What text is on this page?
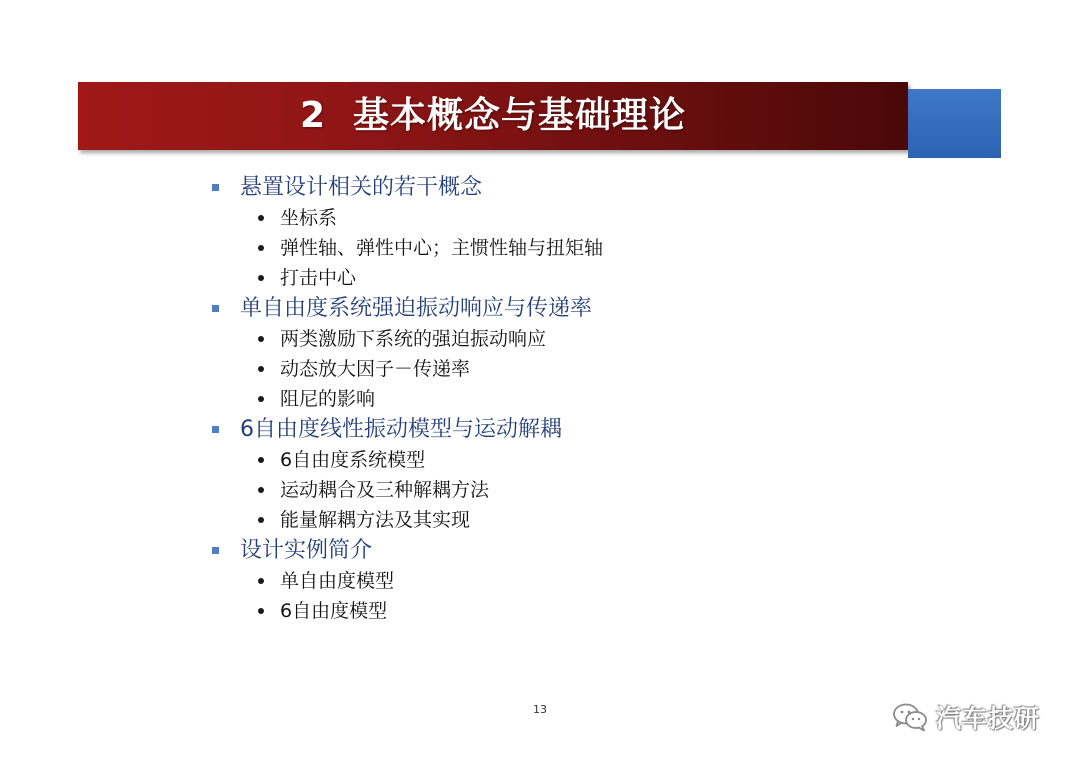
2  基本概念与基础理论
悬置设计相关的若干概念
坐标系
弹性轴、弹性中心；主惯性轴与扭矩轴
打击中心
单自由度系统强迫振动响应与传递率
两类激励下系统的强迫振动响应
动态放大因子－传递率
阻尼的影响
6自由度线性振动模型与运动解耦
6自由度系统模型
运动耦合及三种解耦方法
能量解耦方法及其实现
设计实例简介
单自由度模型
6自由度模型
13	汽车技研
